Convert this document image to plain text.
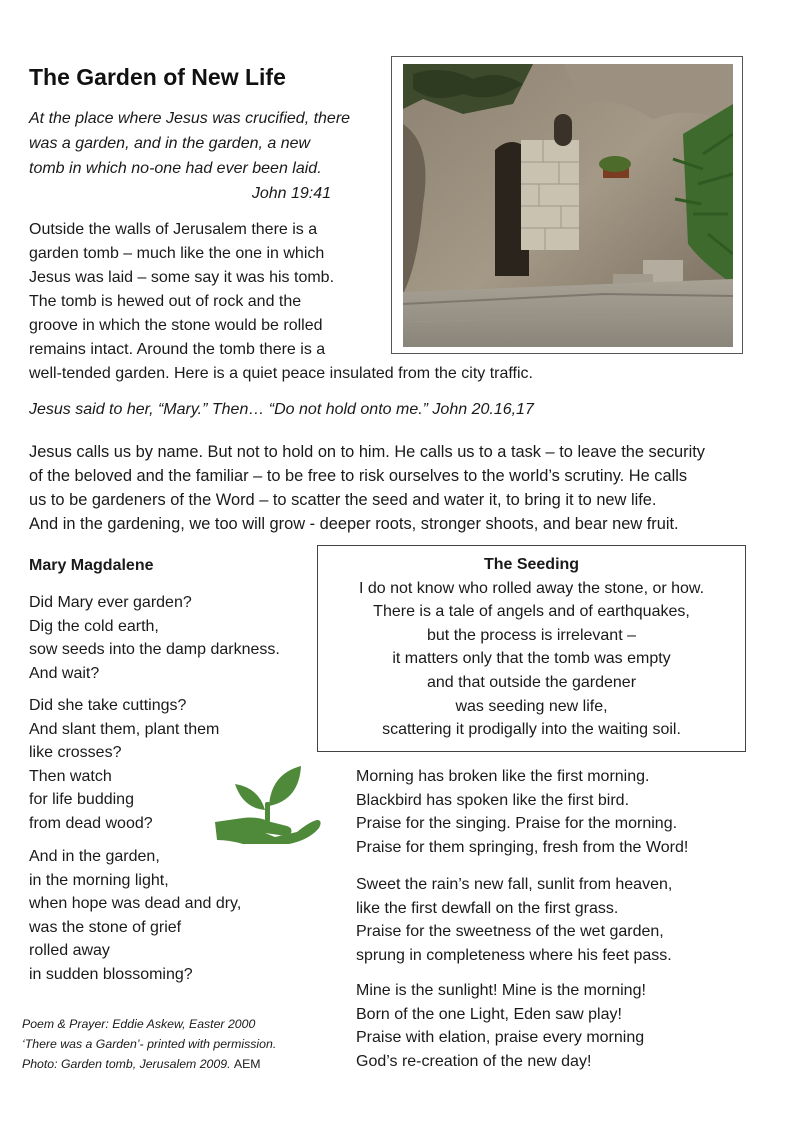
The Garden of New Life
At the place where Jesus was crucified, there
was a garden, and in the garden, a new
tomb in which no-one had ever been laid.
John 19:41
Outside the walls of Jerusalem there is a
garden tomb – much like the one in which
Jesus was laid – some say it was his tomb.
The tomb is hewed out of rock and the
groove in which the stone would be rolled
remains intact. Around the tomb there is a
well-tended garden. Here is a quiet peace insulated from the city traffic.
Jesus said to her, “Mary.” Then… “Do not hold onto me.” John 20.16,17
Jesus calls us by name. But not to hold on to him. He calls us to a task – to leave the security
of the beloved and the familiar – to be free to risk ourselves to the world’s scrutiny. He calls
us to be gardeners of the Word – to scatter the seed and water it, to bring it to new life.
And in the gardening, we too will grow - deeper roots, stronger shoots, and bear new fruit.
Mary Magdalene
Did Mary ever garden?
Dig the cold earth,
sow seeds into the damp darkness.
And wait?
Did she take cuttings?
And slant them, plant them
like crosses?
Then watch
for life budding
from dead wood?
And in the garden,
in the morning light,
when hope was dead and dry,
was the stone of grief
rolled away
in sudden blossoming?
The Seeding
I do not know who rolled away the stone, or how.
There is a tale of angels and of earthquakes,
but the process is irrelevant –
it matters only that the tomb was empty
and that outside the gardener
was seeding new life,
scattering it prodigally into the waiting soil.
Morning has broken like the first morning.
Blackbird has spoken like the first bird.
Praise for the singing. Praise for the morning.
Praise for them springing, fresh from the Word!
Sweet the rain’s new fall, sunlit from heaven,
like the first dewfall on the first grass.
Praise for the sweetness of the wet garden,
sprung in completeness where his feet pass.
Mine is the sunlight! Mine is the morning!
Born of the one Light, Eden saw play!
Praise with elation, praise every morning
God’s re-creation of the new day!
Poem & Prayer: Eddie Askew, Easter 2000
‘There was a Garden’- printed with permission.
Photo: Garden tomb, Jerusalem 2009. AEM
